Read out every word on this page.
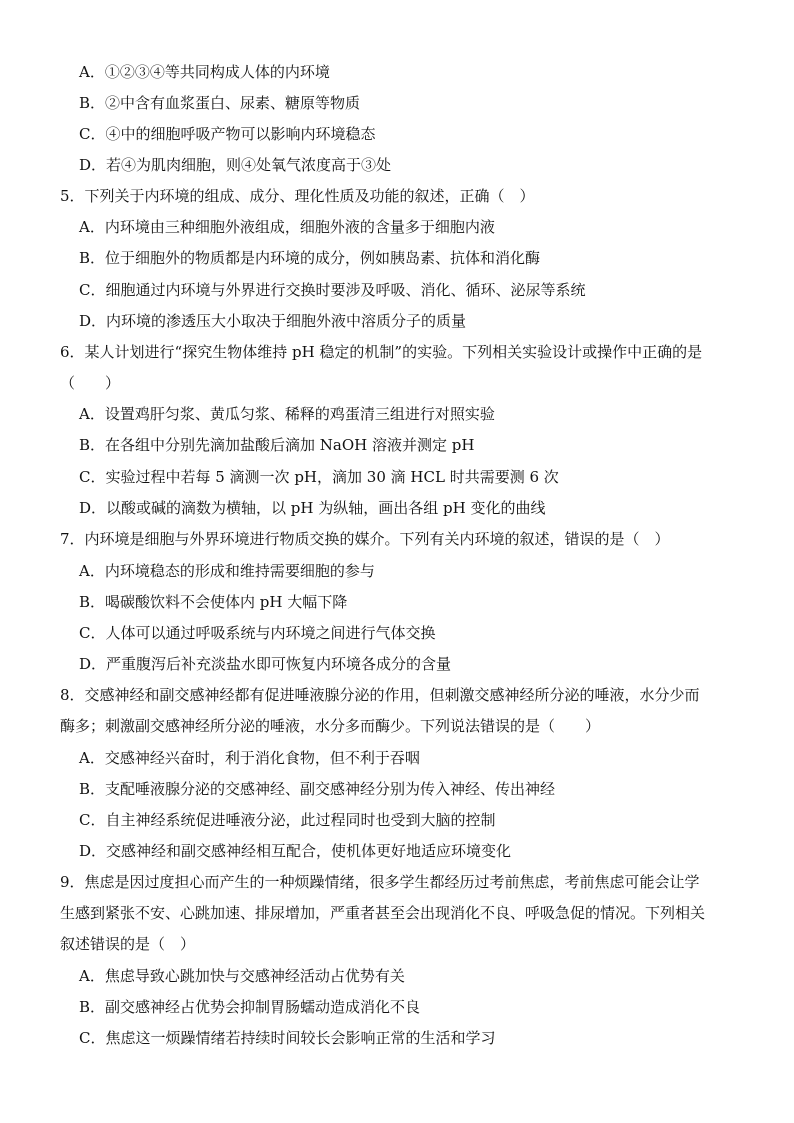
A．①②③④等共同构成人体的内环境
B．②中含有血浆蛋白、尿素、糖原等物质
C．④中的细胞呼吸产物可以影响内环境稳态
D．若④为肌肉细胞，则④处氧气浓度高于③处
5．下列关于内环境的组成、成分、理化性质及功能的叙述，正确（　）
A．内环境由三种细胞外液组成，细胞外液的含量多于细胞内液
B．位于细胞外的物质都是内环境的成分，例如胰岛素、抗体和消化酶
C．细胞通过内环境与外界进行交换时要涉及呼吸、消化、循环、泌尿等系统
D．内环境的渗透压大小取决于细胞外液中溶质分子的质量
6．某人计划进行“探究生物体维持 pH 稳定的机制”的实验。下列相关实验设计或操作中正确的是
（　　）
A．设置鸡肝匀浆、黄瓜匀浆、稀释的鸡蛋清三组进行对照实验
B．在各组中分别先滴加盐酸后滴加 NaOH 溶液并测定 pH
C．实验过程中若每 5 滴测一次 pH，滴加 30 滴 HCL 时共需要测 6 次
D．以酸或碱的滴数为横轴，以 pH 为纵轴，画出各组 pH 变化的曲线
7．内环境是细胞与外界环境进行物质交换的媒介。下列有关内环境的叙述，错误的是（　）
A．内环境稳态的形成和维持需要细胞的参与
B．喝碳酸饮料不会使体内 pH 大幅下降
C．人体可以通过呼吸系统与内环境之间进行气体交换
D．严重腹泻后补充淡盐水即可恢复内环境各成分的含量
8．交感神经和副交感神经都有促进唾液腺分泌的作用，但刺激交感神经所分泌的唾液，水分少而
酶多；刺激副交感神经所分泌的唾液，水分多而酶少。下列说法错误的是（　　）
A．交感神经兴奋时，利于消化食物，但不利于吞咽
B．支配唾液腺分泌的交感神经、副交感神经分别为传入神经、传出神经
C．自主神经系统促进唾液分泌，此过程同时也受到大脑的控制
D．交感神经和副交感神经相互配合，使机体更好地适应环境变化
9．焦虑是因过度担心而产生的一种烦躁情绪，很多学生都经历过考前焦虑，考前焦虑可能会让学
生感到紧张不安、心跳加速、排尿增加，严重者甚至会出现消化不良、呼吸急促的情况。下列相关
叙述错误的是（　）
A．焦虑导致心跳加快与交感神经活动占优势有关
B．副交感神经占优势会抑制胃肠蠕动造成消化不良
C．焦虑这一烦躁情绪若持续时间较长会影响正常的生活和学习
